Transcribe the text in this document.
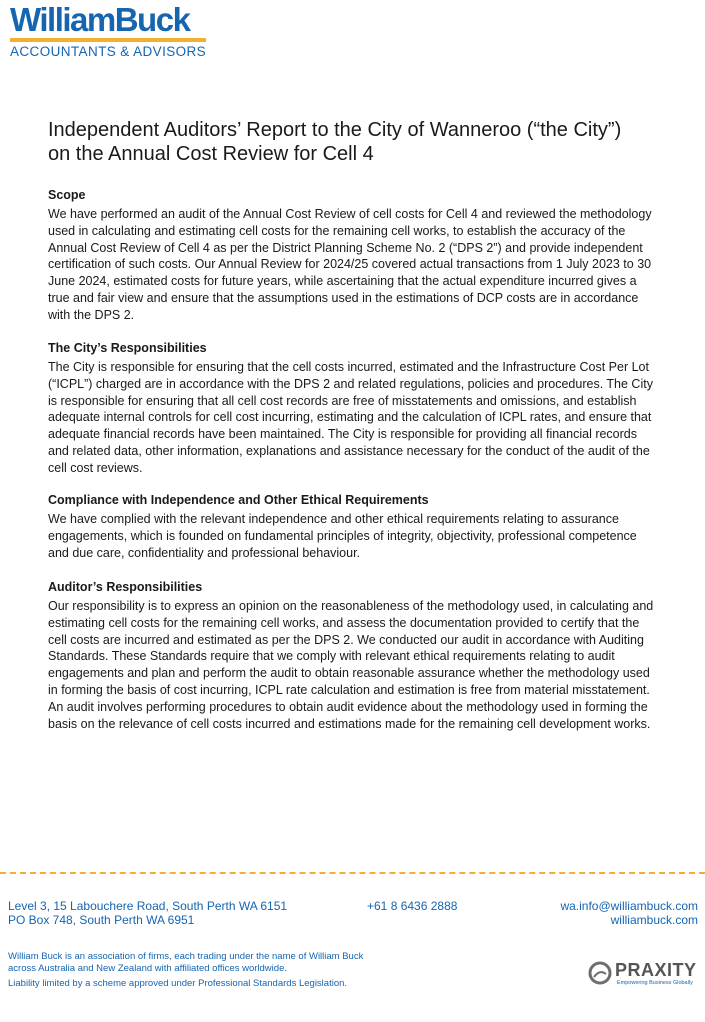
WilliamBuck
ACCOUNTANTS & ADVISORS
Independent Auditors’ Report to the City of Wanneroo (“the City”)
on the Annual Cost Review for Cell 4
Scope

We have performed an audit of the Annual Cost Review of cell costs for Cell 4 and reviewed the methodology used in calculating and estimating cell costs for the remaining cell works, to establish the accuracy of the Annual Cost Review of Cell 4 as per the District Planning Scheme No. 2 (“DPS 2”) and provide independent certification of such costs. Our Annual Review for 2024/25 covered actual transactions from 1 July 2023 to 30 June 2024, estimated costs for future years, while ascertaining that the actual expenditure incurred gives a true and fair view and ensure that the assumptions used in the estimations of DCP costs are in accordance with the DPS 2.

The City’s Responsibilities

The City is responsible for ensuring that the cell costs incurred, estimated and the Infrastructure Cost Per Lot (“ICPL”) charged are in accordance with the DPS 2 and related regulations, policies and procedures. The City is responsible for ensuring that all cell cost records are free of misstatements and omissions, and establish adequate internal controls for cell cost incurring, estimating and the calculation of ICPL rates, and ensure that adequate financial records have been maintained. The City is responsible for providing all financial records and related data, other information, explanations and assistance necessary for the conduct of the audit of the cell cost reviews.

Compliance with Independence and Other Ethical Requirements

We have complied with the relevant independence and other ethical requirements relating to assurance engagements, which is founded on fundamental principles of integrity, objectivity, professional competence and due care, confidentiality and professional behaviour.

Auditor’s Responsibilities

Our responsibility is to express an opinion on the reasonableness of the methodology used, in calculating and estimating cell costs for the remaining cell works, and assess the documentation provided to certify that the cell costs are incurred and estimated as per the DPS 2. We conducted our audit in accordance with Auditing Standards. These Standards require that we comply with relevant ethical requirements relating to audit engagements and plan and perform the audit to obtain reasonable assurance whether the methodology used in forming the basis of cost incurring, ICPL rate calculation and estimation is free from material misstatement. An audit involves performing procedures to obtain audit evidence about the methodology used in forming the basis on the relevance of cell costs incurred and estimations made for the remaining cell development works.

Level 3, 15 Labouchere Road, South Perth WA 6151
PO Box 748, South Perth WA 6951
+61 8 6436 2888	wa.info@williambuck.com
williambuck.com
William Buck is an association of firms, each trading under the name of William Buck
across Australia and New Zealand with affiliated offices worldwide.
Liability limited by a scheme approved under Professional Standards Legislation.
PRAXITY
Empowering Business Globally
